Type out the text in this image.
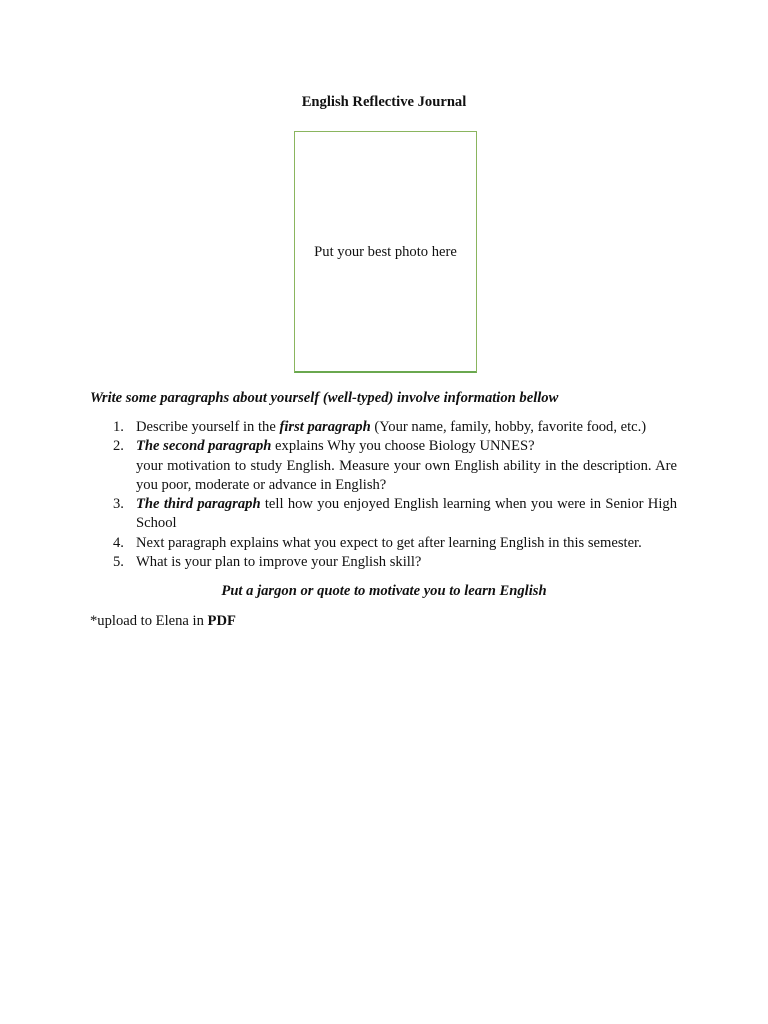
English Reflective Journal
Put your best photo here
Write some paragraphs about yourself (well-typed) involve information bellow
1. Describe yourself in the first paragraph (Your name, family, hobby, favorite food, etc.)
2. The second paragraph explains Why you choose Biology UNNES?
your motivation to study English. Measure your own English ability in the description. Are you poor, moderate or advance in English?
3. The third paragraph tell how you enjoyed English learning when you were in Senior High School
4. Next paragraph explains what you expect to get after learning English in this semester.
5. What is your plan to improve your English skill?
Put a jargon or quote to motivate you to learn English
*upload to Elena in PDF
